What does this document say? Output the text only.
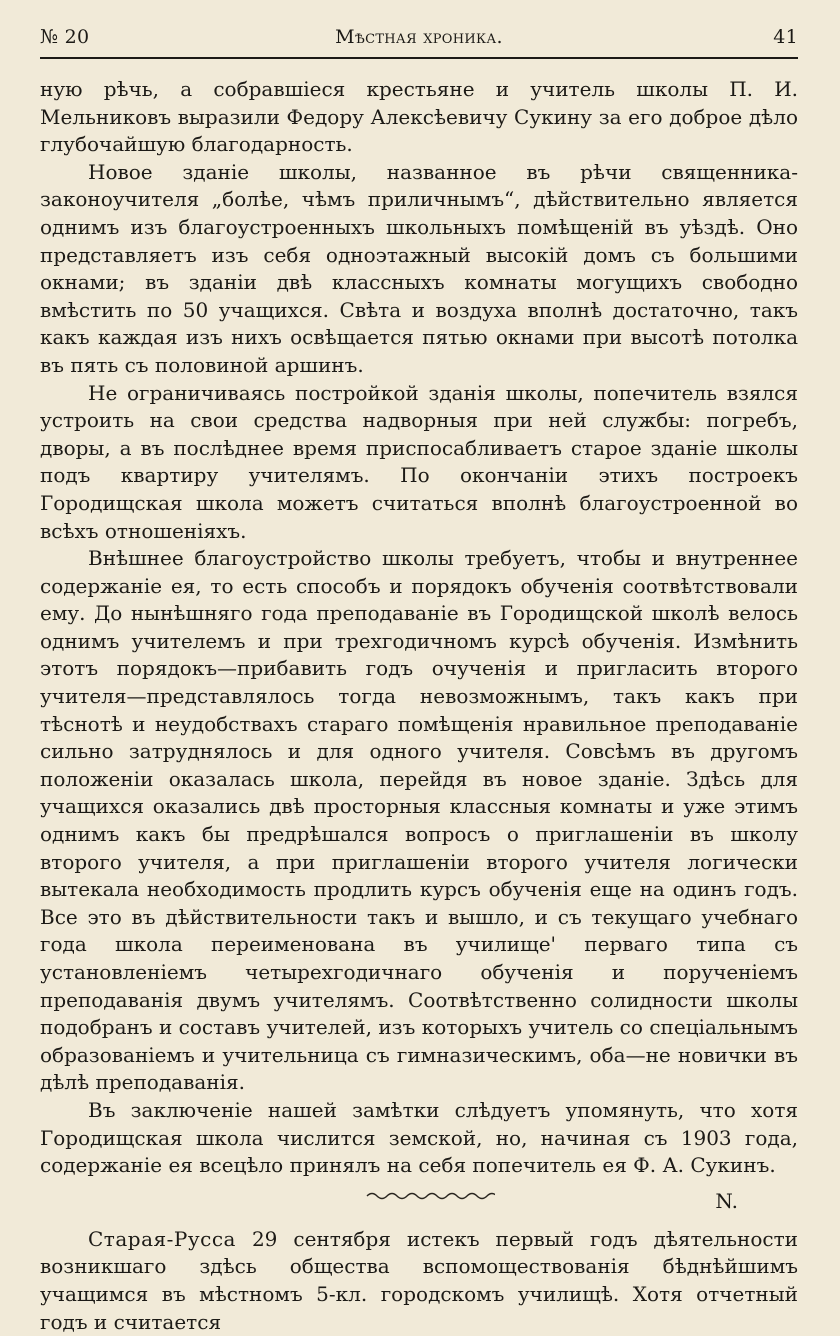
№ 20	Мѣстная хроника.	41

ную рѣчь, а собравшіеся крестьяне и учитель школы П. И. Мельниковъ выразили Федору Алексѣевичу Сукину за его доброе дѣло глубочайшую благодарность.

Новое зданіе школы, названное въ рѣчи священника-законоучителя „болѣе, чѣмъ приличнымъ“, дѣйствительно является однимъ изъ благоустроенныхъ школьныхъ помѣщеній въ уѣздѣ. Оно представляетъ изъ себя одноэтажный высокій домъ съ большими окнами; въ зданіи двѣ классныхъ комнаты могущихъ свободно вмѣстить по 50 учащихся. Свѣта и воздуха вполнѣ достаточно, такъ какъ каждая изъ нихъ освѣщается пятью окнами при высотѣ потолка въ пять съ половиной аршинъ.

Не ограничиваясь постройкой зданія школы, попечитель взялся устроить на свои средства надворныя при ней службы: погребъ, дворы, а въ послѣднее время приспосабливаетъ старое зданіе школы подъ квартиру учителямъ. По окончаніи этихъ построекъ Городищская школа можетъ считаться вполнѣ благоустроенной во всѣхъ отношеніяхъ.

Внѣшнее благоустройство школы требуетъ, чтобы и внутреннее содержаніе ея, то есть способъ и порядокъ обученія соотвѣтствовали ему. До нынѣшняго года преподаваніе въ Городищской школѣ велось однимъ учителемъ и при трехгодичномъ курсѣ обученія. Измѣнить этотъ порядокъ—прибавить годъ очученія и пригласить второго учителя—представлялось тогда невозможнымъ, такъ какъ при тѣснотѣ и неудобствахъ стараго помѣщенія нравильное преподаваніе сильно затруднялось и для одного учителя. Совсѣмъ въ другомъ положеніи оказалась школа, перейдя въ новое зданіе. Здѣсь для учащихся оказались двѣ просторныя классныя комнаты и уже этимъ однимъ какъ бы предрѣшался вопросъ о приглашеніи въ школу второго учителя, а при приглашеніи второго учителя логически вытекала необходимость продлить курсъ обученія еще на одинъ годъ. Все это въ дѣйствительности такъ и вышло, и съ текущаго учебнаго года школа переименована въ училище' перваго типа съ установленіемъ четырехгодичнаго обученія и порученіемъ преподаванія двумъ учителямъ. Соотвѣтственно солидности школы подобранъ и составъ учителей, изъ которыхъ учитель со спеціальнымъ образованіемъ и учительница съ гимназическимъ, оба—не новички въ дѣлѣ преподаванія.

Въ заключеніе нашей замѣтки слѣдуетъ упомянуть, что хотя Городищская школа числится земской, но, начиная съ 1903 года, содержаніе ея всецѣло принялъ на себя попечитель ея Ф. А. Сукинъ.

N.

Старая-Русса 29 сентября истекъ первый годъ дѣятельности возникшаго здѣсь общества вспомоществованія бѣднѣйшимъ учащимся въ мѣстномъ 5-кл. городскомъ училищѣ. Хотя отчетный годъ и считается
